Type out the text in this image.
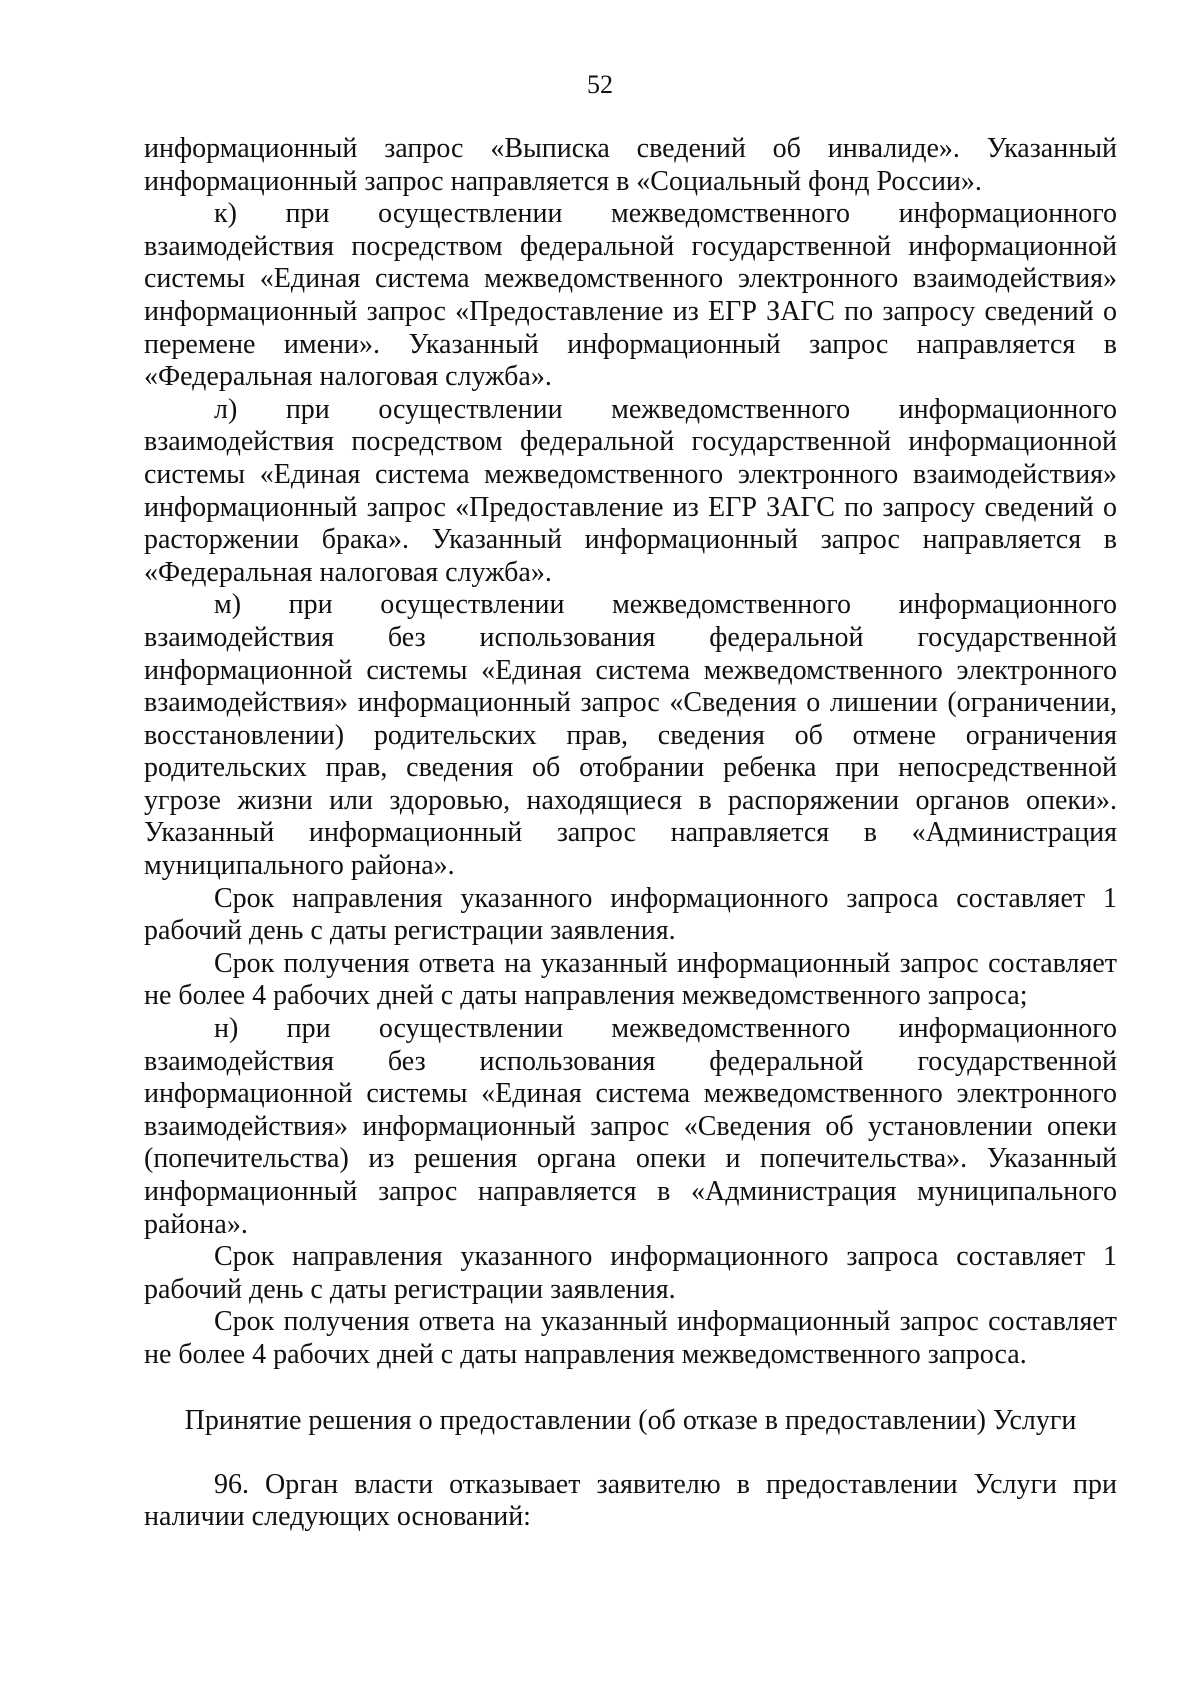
52

информационный запрос «Выписка сведений об инвалиде». Указанный информационный запрос направляется в «Социальный фонд России».

к) при осуществлении межведомственного информационного взаимодействия посредством федеральной государственной информационной системы «Единая система межведомственного электронного взаимодействия» информационный запрос «Предоставление из ЕГР ЗАГС по запросу сведений о перемене имени». Указанный информационный запрос направляется в «Федеральная налоговая служба».

л) при осуществлении межведомственного информационного взаимодействия посредством федеральной государственной информационной системы «Единая система межведомственного электронного взаимодействия» информационный запрос «Предоставление из ЕГР ЗАГС по запросу сведений о расторжении брака». Указанный информационный запрос направляется в «Федеральная налоговая служба».

м) при осуществлении межведомственного информационного взаимодействия без использования федеральной государственной информационной системы «Единая система межведомственного электронного взаимодействия» информационный запрос «Сведения о лишении (ограничении, восстановлении) родительских прав, сведения об отмене ограничения родительских прав, сведения об отобрании ребенка при непосредственной угрозе жизни или здоровью, находящиеся в распоряжении органов опеки». Указанный информационный запрос направляется в «Администрация муниципального района».

Срок направления указанного информационного запроса составляет 1 рабочий день с даты регистрации заявления.

Срок получения ответа на указанный информационный запрос составляет не более 4 рабочих дней с даты направления межведомственного запроса;

н) при осуществлении межведомственного информационного взаимодействия без использования федеральной государственной информационной системы «Единая система межведомственного электронного взаимодействия» информационный запрос «Сведения об установлении опеки (попечительства) из решения органа опеки и попечительства». Указанный информационный запрос направляется в «Администрация муниципального района».

Срок направления указанного информационного запроса составляет 1 рабочий день с даты регистрации заявления.

Срок получения ответа на указанный информационный запрос составляет не более 4 рабочих дней с даты направления межведомственного запроса.

Принятие решения о предоставлении (об отказе в предоставлении) Услуги

96. Орган власти отказывает заявителю в предоставлении Услуги при наличии следующих оснований:
